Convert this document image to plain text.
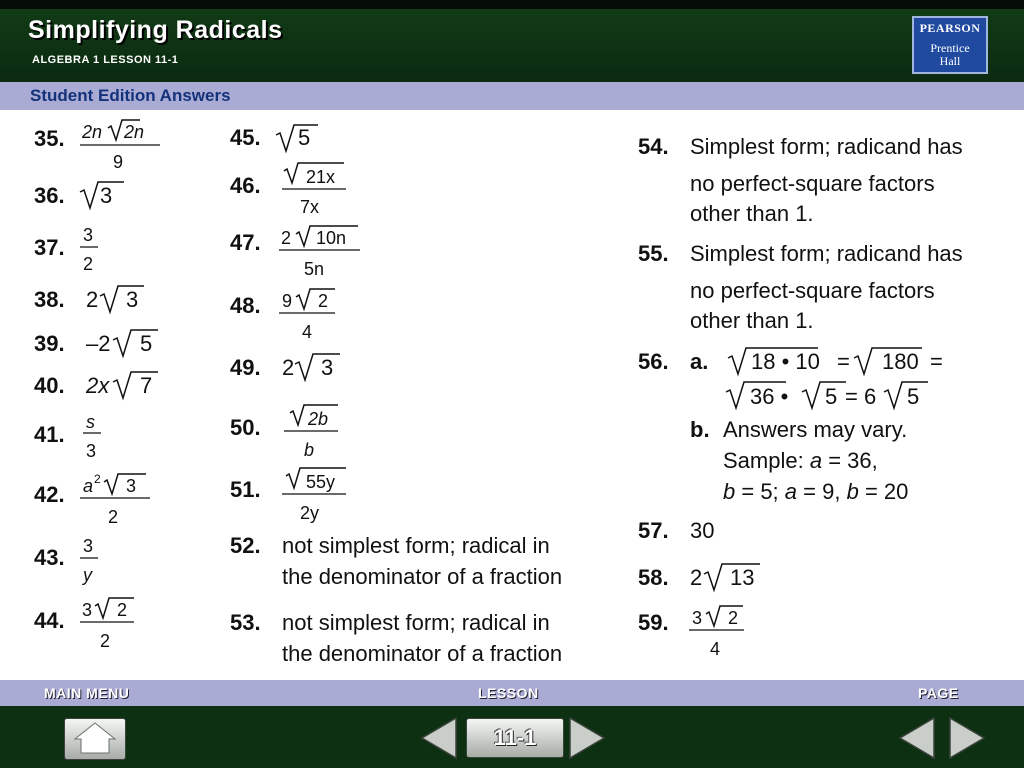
Simplifying Radicals
ALGEBRA 1 LESSON 11-1
PEARSON
Prentice
Hall
Student Edition Answers
35. 2n 2n
9
36. 3
37. 3
2
38. 2 3
39. –2 5
40. 2x 7
41. s
3
42. a 2 3
2
43. 3
y
44. 3 2
2
45. 5
46.	21x
7x
47. 2 10n
5n
48. 9 2
4
49. 2 3
50.	2b
b
51.	55y
2y
52. not simplest form; radical in
the denominator of a fraction
53. not simplest form; radical in
the denominator of a fraction
54. Simplest form; radicand has
no perfect-square factors
other than 1.
55. Simplest form; radicand has
no perfect-square factors
other than 1.
56. a. 18 • 10 = 180 =
36 • 5 = 6 5
b. Answers may vary.
Sample: a = 36,
b = 5; a = 9, b = 20
57. 30
58. 2 13
59. 3 2
4
MAIN MENU	LESSON	PAGE
11-1
